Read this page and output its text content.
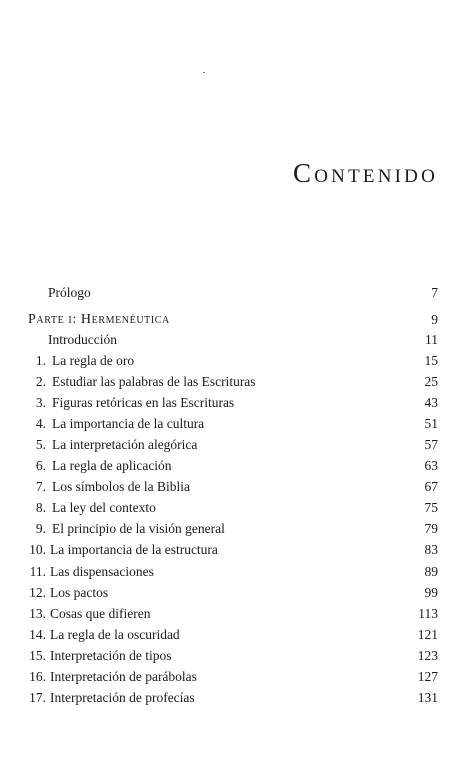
Contenido
Prólogo	7
Parte i: Hermenéutica	9
Introducción	11
1. La regla de oro	15
2. Estudiar las palabras de las Escrituras	25
3. Figuras retóricas en las Escrituras	43
4. La importancia de la cultura	51
5. La interpretación alegórica	57
6. La regla de aplicación	63
7. Los símbolos de la Biblia	67
8. La ley del contexto	75
9. El principio de la visión general	79
10. La importancia de la estructura	83
11. Las dispensaciones	89
12. Los pactos	99
13. Cosas que difieren	113
14. La regla de la oscuridad	121
15. Interpretación de tipos	123
16. Interpretación de parábolas	127
17. Interpretación de profecías	131
